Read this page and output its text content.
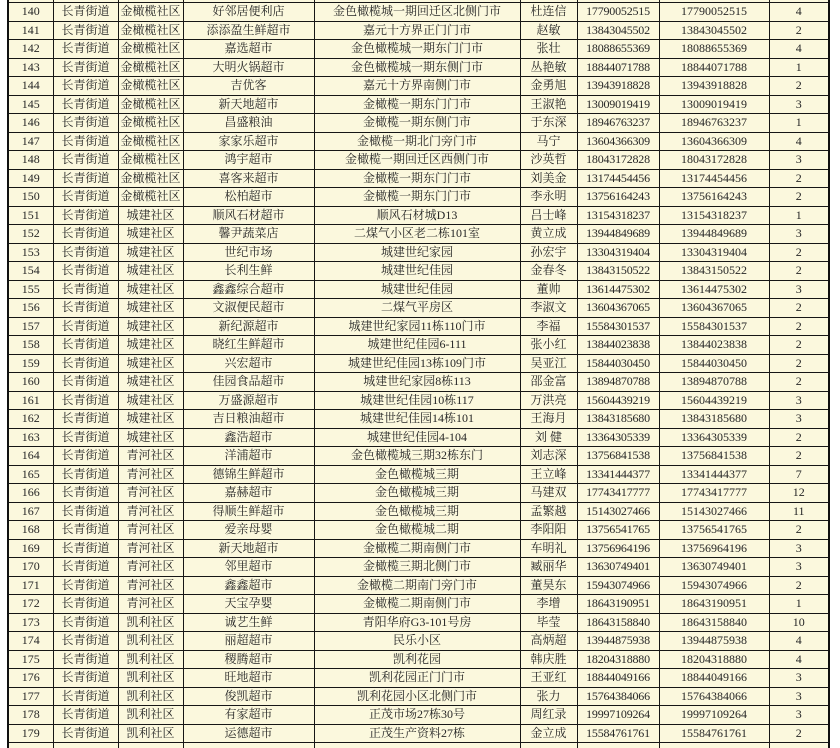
140	长青街道	金橄榄社区	好邻居便利店	金色橄榄城一期回迁区北侧门市	杜连信	17790052515	17790052515	4
141	长青街道	金橄榄社区	添添盈生鲜超市	嘉元十方界正门门市	赵敏	13843045502	13843045502	2
142	长青街道	金橄榄社区	嘉选超市	金色橄榄城一期东门门市	张壮	18088655369	18088655369	4
143	长青街道	金橄榄社区	大明火锅超市	金色橄榄城一期东侧门市	丛艳敏	18844071788	18844071788	1
144	长青街道	金橄榄社区	吉优客	嘉元十方界南侧门市	金勇旭	13943918828	13943918828	2
145	长青街道	金橄榄社区	新天地超市	金橄榄一期东门门市	王淑艳	13009019419	13009019419	3
146	长青街道	金橄榄社区	昌盛粮油	金橄榄一期东侧门市	于东深	18946763237	18946763237	1
147	长青街道	金橄榄社区	家家乐超市	金橄榄一期北门旁门市	马宁	13604366309	13604366309	4
148	长青街道	金橄榄社区	鸿宇超市	金橄榄一期回迁区西侧门市	沙英哲	18043172828	18043172828	3
149	长青街道	金橄榄社区	喜客来超市	金橄榄一期东门门市	刘美金	13174454456	13174454456	2
150	长青街道	金橄榄社区	松柏超市	金橄榄一期东门门市	李永明	13756164243	13756164243	2
151	长青街道	城建社区	顺风石材超市	顺风石材城D13	吕士峰	13154318237	13154318237	1
152	长青街道	城建社区	馨尹蔬菜店	二煤气小区老二栋101室	黄立成	13944849689	13944849689	3
153	长青街道	城建社区	世纪市场	城建世纪家园	孙宏宇	13304319404	13304319404	2
154	长青街道	城建社区	长利生鲜	城建世纪佳园	金春冬	13843150522	13843150522	2
155	长青街道	城建社区	鑫鑫综合超市	城建世纪佳园	董帅	13614475302	13614475302	3
156	长青街道	城建社区	文淑便民超市	二煤气平房区	李淑文	13604367065	13604367065	2
157	长青街道	城建社区	新纪源超市	城建世纪家园11栋110门市	李福	15584301537	15584301537	2
158	长青街道	城建社区	晓红生鲜超市	城建世纪佳园6-111	张小红	13844023838	13844023838	2
159	长青街道	城建社区	兴宏超市	城建世纪佳园13栋109门市	吴亚江	15844030450	15844030450	2
160	长青街道	城建社区	佳园食品超市	城建世纪家园8栋113	邵金富	13894870788	13894870788	2
161	长青街道	城建社区	万盛源超市	城建世纪佳园10栋117	万洪亮	15604439219	15604439219	3
162	长青街道	城建社区	吉日粮油超市	城建世纪佳园14栋101	王海月	13843185680	13843185680	3
163	长青街道	城建社区	鑫浩超市	城建世纪佳园4-104	刘 健	13364305339	13364305339	2
164	长青街道	青河社区	洋浦超市	金色橄榄城三期32栋东门	刘志深	13756841538	13756841538	2
165	长青街道	青河社区	德锦生鲜超市	金色橄榄城三期	王立峰	13341444377	13341444377	7
166	长青街道	青河社区	嘉赫超市	金色橄榄城三期	马建双	17743417777	17743417777	12
167	长青街道	青河社区	得顺生鲜超市	金色橄榄城三期	孟繁越	15143027466	15143027466	11
168	长青街道	青河社区	爱亲母婴	金色橄榄城二期	李阳阳	13756541765	13756541765	2
169	长青街道	青河社区	新天地超市	金橄榄二期南侧门市	车明礼	13756964196	13756964196	3
170	长青街道	青河社区	邻里超市	金橄榄三期北侧门市	臧丽华	13630749401	13630749401	3
171	长青街道	青河社区	鑫鑫超市	金橄榄二期南门旁门市	董昊东	15943074966	15943074966	2
172	长青街道	青河社区	天宝孕婴	金橄榄二期南侧门市	李增	18643190951	18643190951	1
173	长青街道	凯利社区	诚艺生鲜	青阳华府G3-101号房	毕莹	18643158840	18643158840	10
174	长青街道	凯利社区	丽超超市	民乐小区	高炳超	13944875938	13944875938	4
175	长青街道	凯利社区	稷腾超市	凯利花园	韩庆胜	18204318880	18204318880	4
176	长青街道	凯利社区	旺地超市	凯利花园正门门市	王亚红	18844049166	18844049166	3
177	长青街道	凯利社区	俊凯超市	凯利花园小区北侧门市	张力	15764384066	15764384066	3
178	长青街道	凯利社区	有家超市	正茂市场27栋30号	周红录	19997109264	19997109264	3
179	长青街道	凯利社区	运德超市	正茂生产资料27栋	金立成	15584761761	15584761761	2
